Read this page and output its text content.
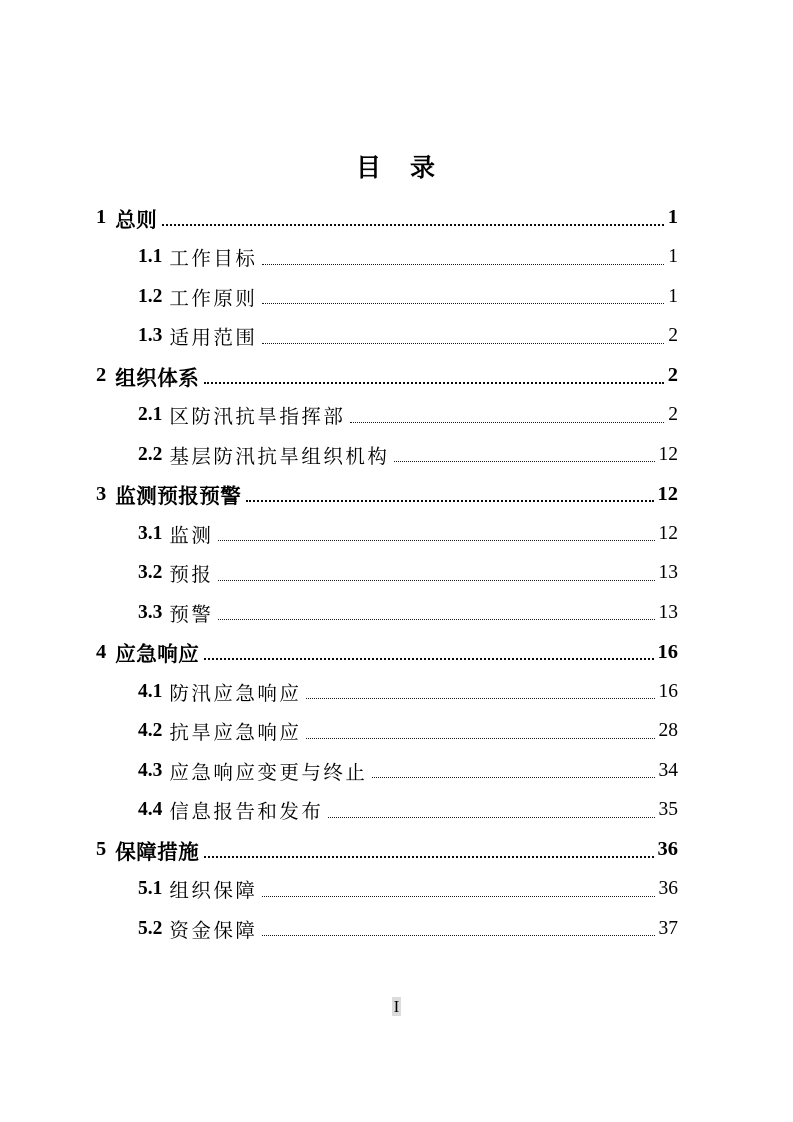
目　录
1 总则	1
1.1 工作目标	1
1.2 工作原则	1
1.3 适用范围	2
2 组织体系	2
2.1 区防汛抗旱指挥部	2
2.2 基层防汛抗旱组织机构	12
3 监测预报预警	12
3.1 监测	12
3.2 预报	13
3.3 预警	13
4 应急响应	16
4.1 防汛应急响应	16
4.2 抗旱应急响应	28
4.3 应急响应变更与终止	34
4.4 信息报告和发布	35
5 保障措施	36
5.1 组织保障	36
5.2 资金保障	37
I
